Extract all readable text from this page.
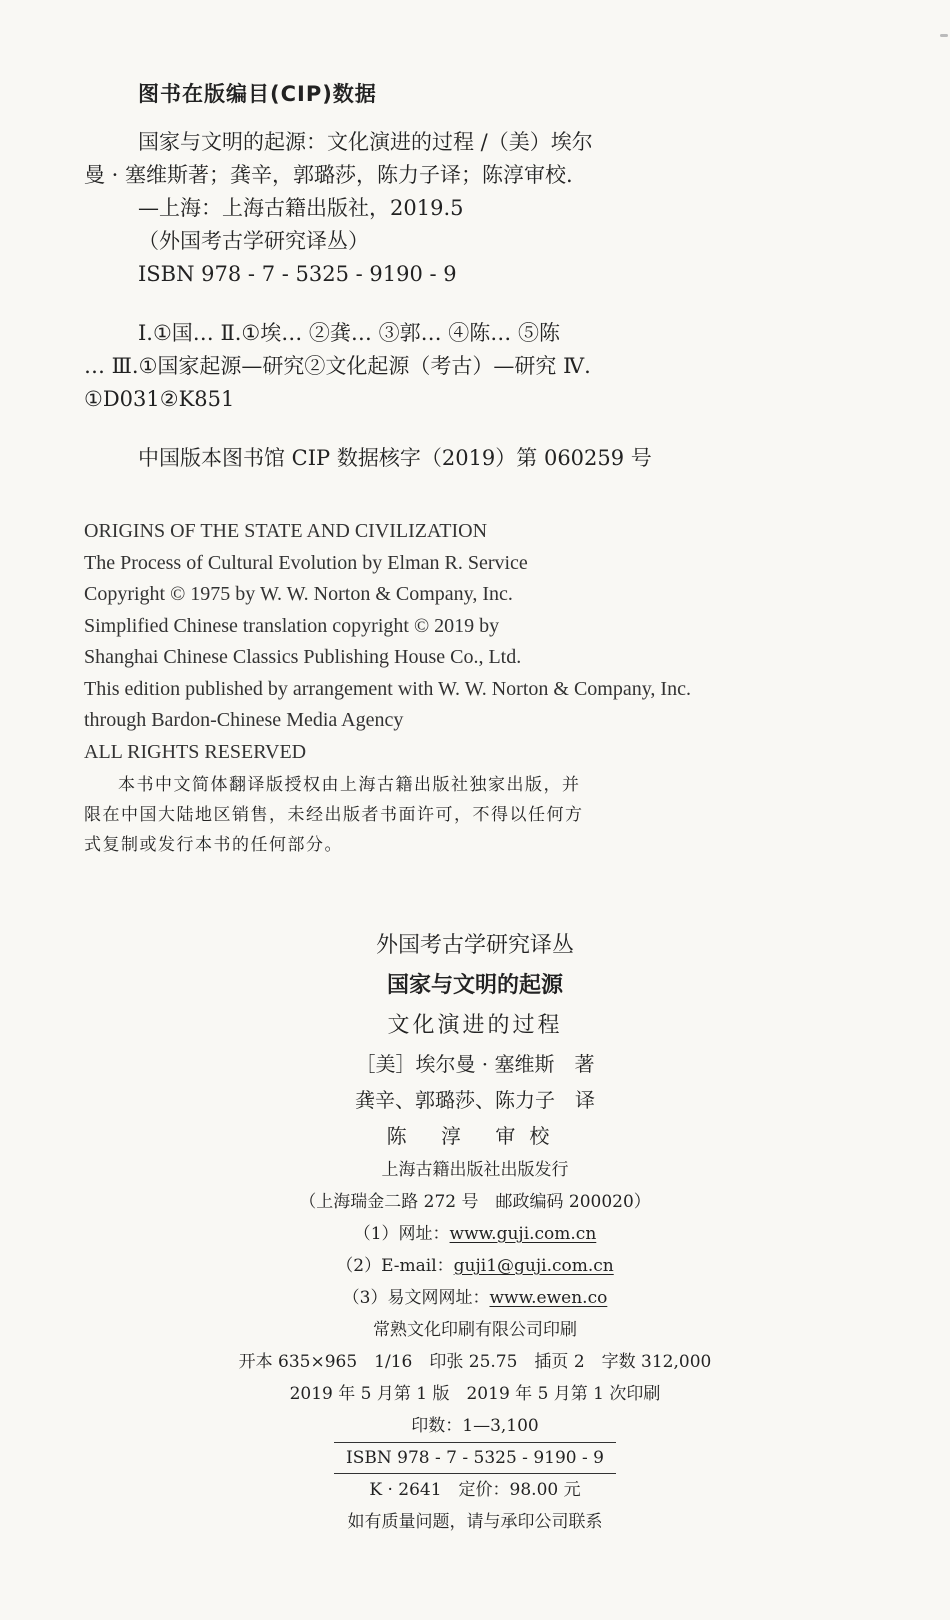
图书在版编目(CIP)数据
国家与文明的起源：文化演进的过程 /（美）埃尔
曼 · 塞维斯著；龚辛，郭璐莎，陈力子译；陈淳审校.
—上海：上海古籍出版社，2019.5
（外国考古学研究译丛）
ISBN 978 - 7 - 5325 - 9190 - 9
Ⅰ.①国… Ⅱ.①埃… ②龚… ③郭… ④陈… ⑤陈
… Ⅲ.①国家起源—研究②文化起源（考古）—研究 Ⅳ.
①D031②K851
中国版本图书馆 CIP 数据核字（2019）第 060259 号
ORIGINS OF THE STATE AND CIVILIZATION
The Process of Cultural Evolution by Elman R. Service
Copyright © 1975 by W. W. Norton & Company, Inc.
Simplified Chinese translation copyright © 2019 by
Shanghai Chinese Classics Publishing House Co., Ltd.
This edition published by arrangement with W. W. Norton & Company, Inc.
through Bardon-Chinese Media Agency
ALL RIGHTS RESERVED
本书中文简体翻译版授权由上海古籍出版社独家出版，并
限在中国大陆地区销售，未经出版者书面许可，不得以任何方
式复制或发行本书的任何部分。
外国考古学研究译丛
国家与文明的起源
文化演进的过程
［美］埃尔曼 · 塞维斯　著
龚辛、郭璐莎、陈力子　译
陈 淳 审校
上海古籍出版社出版发行
（上海瑞金二路 272 号　邮政编码 200020）
（1）网址：www.guji.com.cn
（2）E-mail：guji1@guji.com.cn
（3）易文网网址：www.ewen.co
常熟文化印刷有限公司印刷
开本 635×965　1/16　印张 25.75　插页 2　字数 312,000
2019 年 5 月第 1 版　2019 年 5 月第 1 次印刷
印数：1—3,100
ISBN 978 - 7 - 5325 - 9190 - 9
K · 2641　定价：98.00 元
如有质量问题，请与承印公司联系
